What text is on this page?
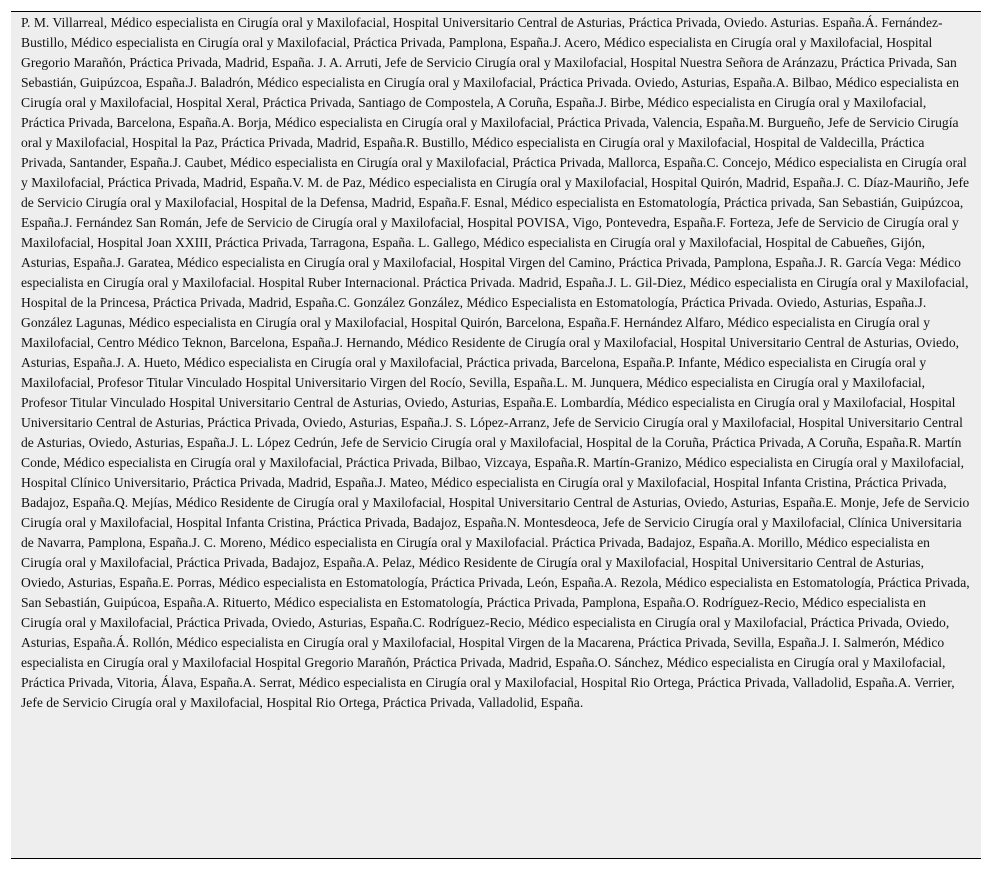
P. M. Villarreal, Médico especialista en Cirugía oral y Maxilofacial, Hospital Universitario Central de Asturias, Práctica Privada, Oviedo. Asturias. España.Á. Fernández-Bustillo, Médico especialista en Cirugía oral y Maxilofacial, Práctica Privada, Pamplona, España.J. Acero, Médico especialista en Cirugía oral y Maxilofacial, Hospital Gregorio Marañón, Práctica Privada, Madrid, España. J. A. Arruti, Jefe de Servicio Cirugía oral y Maxilofacial, Hospital Nuestra Señora de Aránzazu, Práctica Privada, San Sebastián, Guipúzcoa, España.J. Baladrón, Médico especialista en Cirugía oral y Maxilofacial, Práctica Privada. Oviedo, Asturias, España.A. Bilbao, Médico especialista en Cirugía oral y Maxilofacial, Hospital Xeral, Práctica Privada, Santiago de Compostela, A Coruña, España.J. Birbe, Médico especialista en Cirugía oral y Maxilofacial, Práctica Privada, Barcelona, España.A. Borja, Médico especialista en Cirugía oral y Maxilofacial, Práctica Privada, Valencia, España.M. Burgueño, Jefe de Servicio Cirugía oral y Maxilofacial, Hospital la Paz, Práctica Privada, Madrid, España.R. Bustillo, Médico especialista en Cirugía oral y Maxilofacial, Hospital de Valdecilla, Práctica Privada, Santander, España.J. Caubet, Médico especialista en Cirugía oral y Maxilofacial, Práctica Privada, Mallorca, España.C. Concejo, Médico especialista en Cirugía oral y Maxilofacial, Práctica Privada, Madrid, España.V. M. de Paz, Médico especialista en Cirugía oral y Maxilofacial, Hospital Quirón, Madrid, España.J. C. Díaz-Mauriño, Jefe de Servicio Cirugía oral y Maxilofacial, Hospital de la Defensa, Madrid, España.F. Esnal, Médico especialista en Estomatología, Práctica privada, San Sebastián, Guipúzcoa, España.J. Fernández San Román, Jefe de Servicio de Cirugía oral y Maxilofacial, Hospital POVISA, Vigo, Pontevedra, España.F. Forteza, Jefe de Servicio de Cirugía oral y Maxilofacial, Hospital Joan XXIII, Práctica Privada, Tarragona, España. L. Gallego, Médico especialista en Cirugía oral y Maxilofacial, Hospital de Cabueñes, Gijón, Asturias, España.J. Garatea, Médico especialista en Cirugía oral y Maxilofacial, Hospital Virgen del Camino, Práctica Privada, Pamplona, España.J. R. García Vega: Médico especialista en Cirugía oral y Maxilofacial. Hospital Ruber Internacional. Práctica Privada. Madrid, España.J. L. Gil-Diez, Médico especialista en Cirugía oral y Maxilofacial, Hospital de la Princesa, Práctica Privada, Madrid, España.C. González González, Médico Especialista en Estomatología, Práctica Privada. Oviedo, Asturias, España.J. González Lagunas, Médico especialista en Cirugía oral y Maxilofacial, Hospital Quirón, Barcelona, España.F. Hernández Alfaro, Médico especialista en Cirugía oral y Maxilofacial, Centro Médico Teknon, Barcelona, España.J. Hernando, Médico Residente de Cirugía oral y Maxilofacial, Hospital Universitario Central de Asturias, Oviedo, Asturias, España.J. A. Hueto, Médico especialista en Cirugía oral y Maxilofacial, Práctica privada, Barcelona, España.P. Infante, Médico especialista en Cirugía oral y Maxilofacial, Profesor Titular Vinculado Hospital Universitario Virgen del Rocío, Sevilla, España.L. M. Junquera, Médico especialista en Cirugía oral y Maxilofacial, Profesor Titular Vinculado Hospital Universitario Central de Asturias, Oviedo, Asturias, España.E. Lombardía, Médico especialista en Cirugía oral y Maxilofacial, Hospital Universitario Central de Asturias, Práctica Privada, Oviedo, Asturias, España.J. S. López-Arranz, Jefe de Servicio Cirugía oral y Maxilofacial, Hospital Universitario Central de Asturias, Oviedo, Asturias, España.J. L. López Cedrún, Jefe de Servicio Cirugía oral y Maxilofacial, Hospital de la Coruña, Práctica Privada, A Coruña, España.R. Martín Conde, Médico especialista en Cirugía oral y Maxilofacial, Práctica Privada, Bilbao, Vizcaya, España.R. Martín-Granizo, Médico especialista en Cirugía oral y Maxilofacial, Hospital Clínico Universitario, Práctica Privada, Madrid, España.J. Mateo, Médico especialista en Cirugía oral y Maxilofacial, Hospital Infanta Cristina, Práctica Privada, Badajoz, España.Q. Mejías, Médico Residente de Cirugía oral y Maxilofacial, Hospital Universitario Central de Asturias, Oviedo, Asturias, España.E. Monje, Jefe de Servicio Cirugía oral y Maxilofacial, Hospital Infanta Cristina, Práctica Privada, Badajoz, España.N. Montesdeoca, Jefe de Servicio Cirugía oral y Maxilofacial, Clínica Universitaria de Navarra, Pamplona, España.J. C. Moreno, Médico especialista en Cirugía oral y Maxilofacial. Práctica Privada, Badajoz, España.A. Morillo, Médico especialista en Cirugía oral y Maxilofacial, Práctica Privada, Badajoz, España.A. Pelaz, Médico Residente de Cirugía oral y Maxilofacial, Hospital Universitario Central de Asturias, Oviedo, Asturias, España.E. Porras, Médico especialista en Estomatología, Práctica Privada, León, España.A. Rezola, Médico especialista en Estomatología, Práctica Privada, San Sebastián, Guipúcoa, España.A. Rituerto, Médico especialista en Estomatología, Práctica Privada, Pamplona, España.O. Rodríguez-Recio, Médico especialista en Cirugía oral y Maxilofacial, Práctica Privada, Oviedo, Asturias, España.C. Rodríguez-Recio, Médico especialista en Cirugía oral y Maxilofacial, Práctica Privada, Oviedo, Asturias, España.Á. Rollón, Médico especialista en Cirugía oral y Maxilofacial, Hospital Virgen de la Macarena, Práctica Privada, Sevilla, España.J. I. Salmerón, Médico especialista en Cirugía oral y Maxilofacial Hospital Gregorio Marañón, Práctica Privada, Madrid, España.O. Sánchez, Médico especialista en Cirugía oral y Maxilofacial, Práctica Privada, Vitoria, Álava, España.A. Serrat, Médico especialista en Cirugía oral y Maxilofacial, Hospital Rio Ortega, Práctica Privada, Valladolid, España.A. Verrier, Jefe de Servicio Cirugía oral y Maxilofacial, Hospital Rio Ortega, Práctica Privada, Valladolid, España.
